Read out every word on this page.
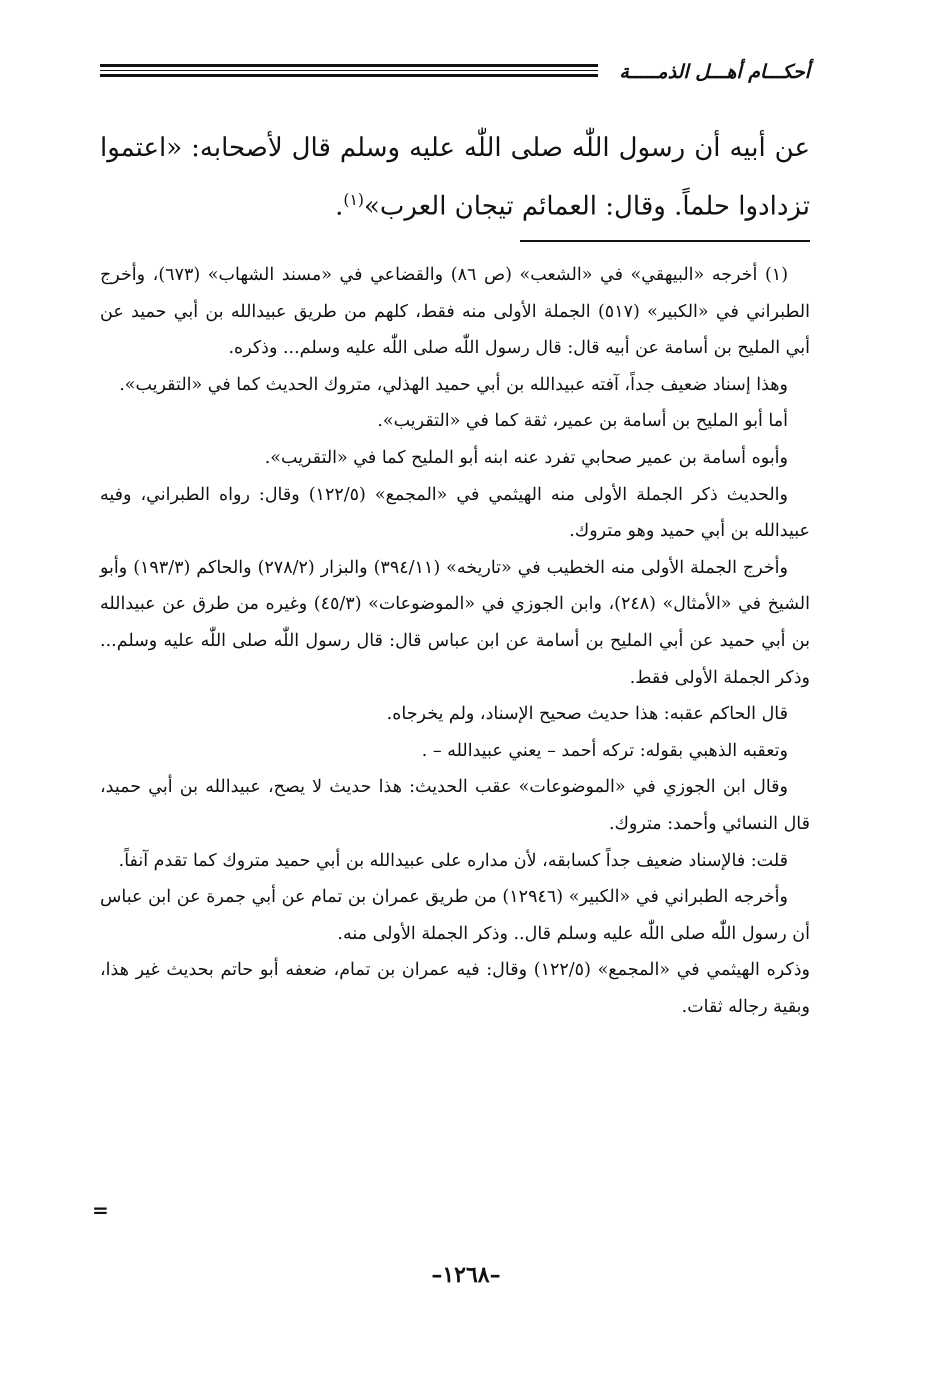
أحكـــام أهـــل الذمـــــة
عن أبيه أن رسول اللّٰه صلى اللّٰه عليه وسلم قال لأصحابه: «اعتموا تزدادوا حلماً. وقال: العمائم تيجان العرب»$^{(١)}$.

(١) أخرجه «البيهقي» في «الشعب» (ص ٨٦) والقضاعي في «مسند الشهاب» (٦٧٣)، وأخرج الطبراني في «الكبير» (٥١٧) الجملة الأولى منه فقط، كلهم من طريق عبيدالله بن أبي حميد عن أبي المليح بن أسامة عن أبيه قال: قال رسول اللّٰه صلى اللّٰه عليه وسلم... وذكره.

وهذا إسناد ضعيف جداً، آفته عبيدالله بن أبي حميد الهذلي، متروك الحديث كما في «التقريب».

أما أبو المليح بن أسامة بن عمير، ثقة كما في «التقريب».

وأبوه أسامة بن عمير صحابي تفرد عنه ابنه أبو المليح كما في «التقريب».

والحديث ذكر الجملة الأولى منه الهيثمي في «المجمع» (١٢٢/٥) وقال: رواه الطبراني، وفيه عبيدالله بن أبي حميد وهو متروك.

وأخرج الجملة الأولى منه الخطيب في «تاريخه» (٣٩٤/١١) والبزار (٢٧٨/٢) والحاكم (١٩٣/٣) وأبو الشيخ في «الأمثال» (٢٤٨)، وابن الجوزي في «الموضوعات» (٤٥/٣) وغيره من طرق عن عبيدالله بن أبي حميد عن أبي المليح بن أسامة عن ابن عباس قال: قال رسول اللّٰه صلى اللّٰه عليه وسلم... وذكر الجملة الأولى فقط.

قال الحاكم عقبه: هذا حديث صحيح الإسناد، ولم يخرجاه.

وتعقبه الذهبي بقوله: تركه أحمد – يعني عبيدالله – .

وقال ابن الجوزي في «الموضوعات» عقب الحديث: هذا حديث لا يصح، عبيدالله بن أبي حميد، قال النسائي وأحمد: متروك.

قلت: فالإسناد ضعيف جداً كسابقه، لأن مداره على عبيدالله بن أبي حميد متروك كما تقدم آنفاً.

وأخرجه الطبراني في «الكبير» (١٢٩٤٦) من طريق عمران بن تمام عن أبي جمرة عن ابن عباس أن رسول اللّٰه صلى اللّٰه عليه وسلم قال.. وذكر الجملة الأولى منه.

وذكره الهيثمي في «المجمع» (١٢٢/٥) وقال: فيه عمران بن تمام، ضعفه أبو حاتم بحديث غير هذا، وبقية رجاله ثقات.

=
–١٢٦٨–
